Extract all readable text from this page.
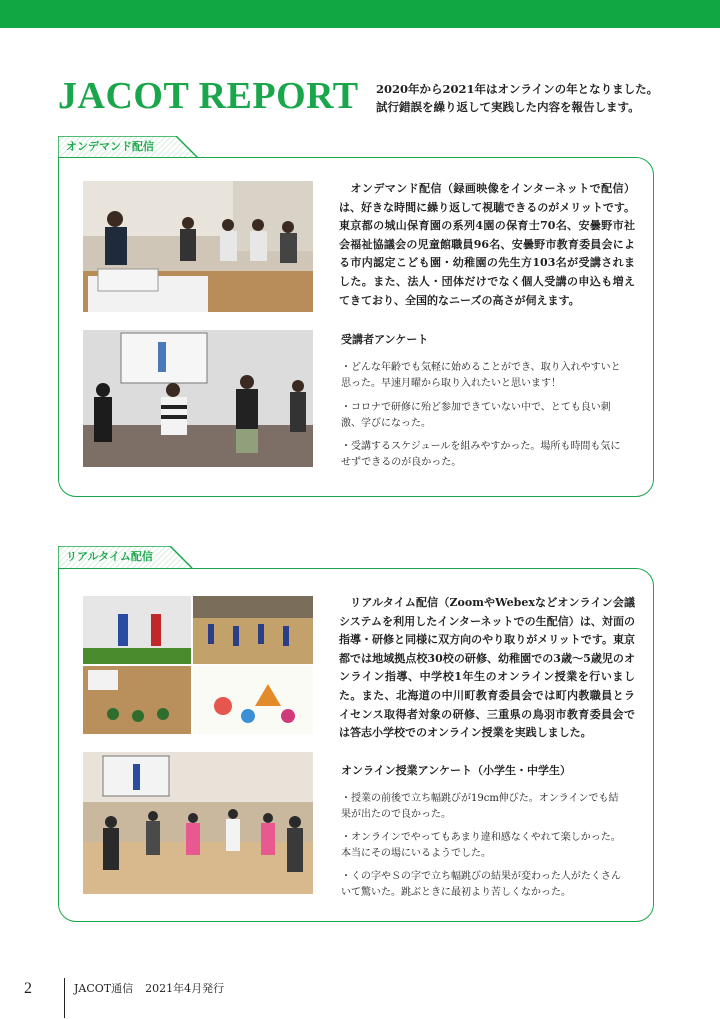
JACOT REPORT 2020年から2021年はオンラインの年となりました。
試行錯誤を繰り返して実践した内容を報告します。
オンデマンド配信

オンデマンド配信（録画映像をインターネットで配信）は、好きな時間に繰り返して視聴できるのがメリットです。東京都の城山保育園の系列4園の保育士70名、安曇野市社会福祉協議会の児童館職員96名、安曇野市教育委員会による市内認定こども園・幼稚園の先生方103名が受講されました。また、法人・団体だけでなく個人受講の申込も増えてきており、全国的なニーズの高さが伺えます。

受講者アンケート
・どんな年齢でも気軽に始めることができ、取り入れやすいと思った。早速月曜から取り入れたいと思います！
・コロナで研修に殆ど参加できていない中で、とても良い刺激、学びになった。
・受講するスケジュールを組みやすかった。場所も時間も気にせずできるのが良かった。
リアルタイム配信

リアルタイム配信（ZoomやWebexなどオンライン会議システムを利用したインターネットでの生配信）は、対面の指導・研修と同様に双方向のやり取りがメリットです。東京都では地域拠点校30校の研修、幼稚園での3歳〜5歳児のオンライン指導、中学校1年生のオンライン授業を行いました。また、北海道の中川町教育委員会では町内教職員とライセンス取得者対象の研修、三重県の鳥羽市教育委員会では答志小学校でのオンライン授業を実践しました。

オンライン授業アンケート（小学生・中学生）
・授業の前後で立ち幅跳びが19cm伸びた。オンラインでも結果が出たので良かった。
・オンラインでやってもあまり違和感なくやれて楽しかった。本当にその場にいるようでした。
・くの字やＳの字で立ち幅跳びの結果が変わった人がたくさんいて驚いた。跳ぶときに最初より苦しくなかった。
2	JACOT通信 2021年4月発行
